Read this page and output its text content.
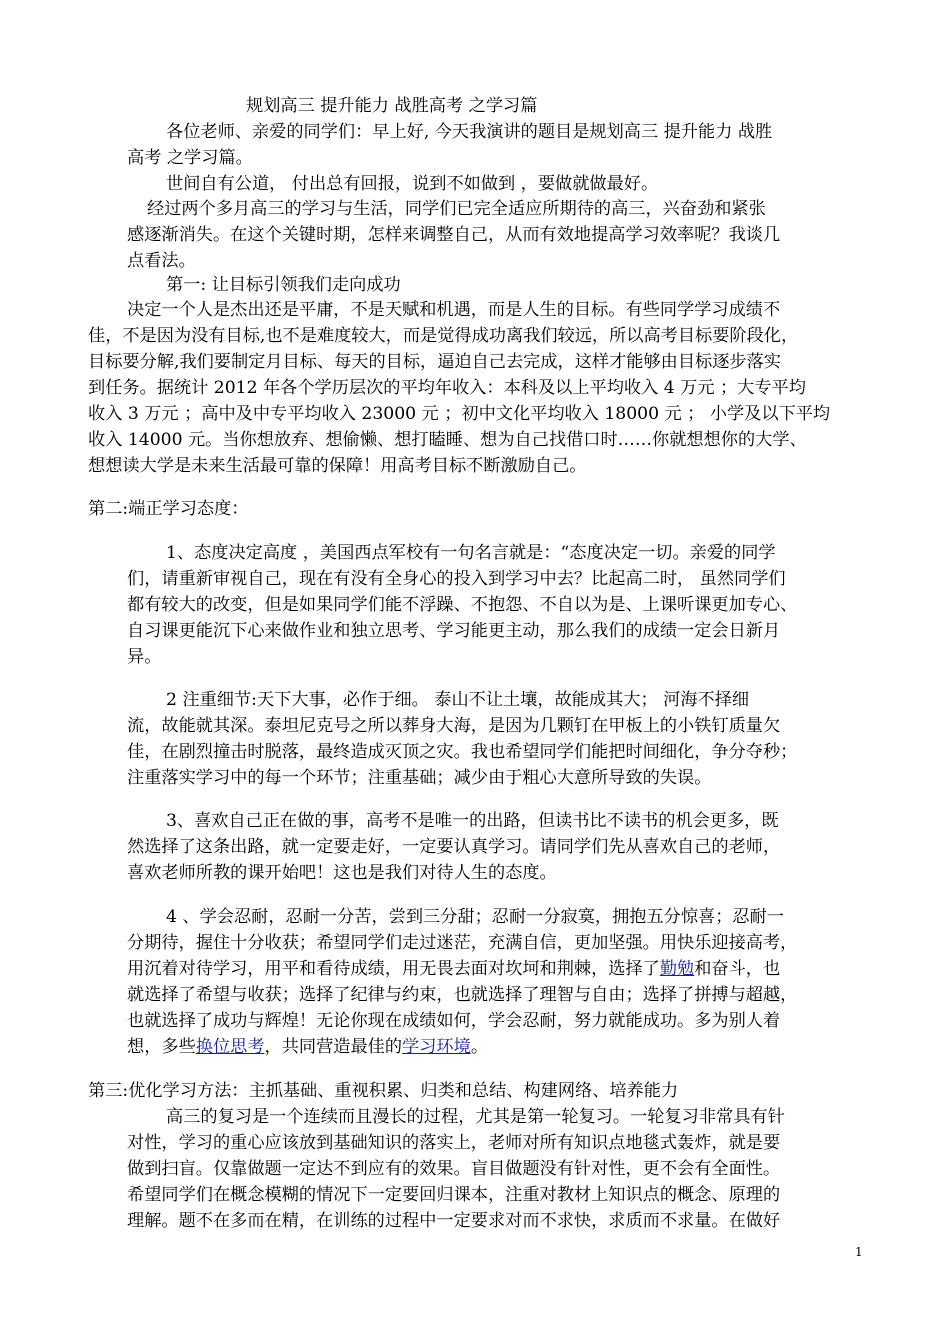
规划高三 提升能力 战胜高考 之学习篇
各位老师、亲爱的同学们：早上好, 今天我演讲的题目是规划高三 提升能力 战胜
高考 之学习篇。
世间自有公道， 付出总有回报，说到不如做到 ，要做就做最好。
经过两个多月高三的学习与生活，同学们已完全适应所期待的高三，兴奋劲和紧张
感逐渐消失。在这个关键时期，怎样来调整自己，从而有效地提高学习效率呢？我谈几
点看法。
第一: 让目标引领我们走向成功
决定一个人是杰出还是平庸，不是天赋和机遇，而是人生的目标。有些同学学习成绩不
佳，不是因为没有目标,也不是难度较大，而是觉得成功离我们较远，所以高考目标要阶段化，
目标要分解,我们要制定月目标、每天的目标，逼迫自己去完成，这样才能够由目标逐步落实
到任务。据统计 2012 年各个学历层次的平均年收入：本科及以上平均收入 4 万元 ；大专平均
收入 3 万元 ；高中及中专平均收入 23000 元 ；初中文化平均收入 18000 元 ； 小学及以下平均
收入 14000 元。当你想放弃、想偷懒、想打瞌睡、想为自己找借口时……你就想想你的大学、
想想读大学是未来生活最可靠的保障！用高考目标不断激励自己。
第二:端正学习态度：
1、态度决定高度 ，美国西点军校有一句名言就是：“态度决定一切。亲爱的同学
们，请重新审视自己，现在有没有全身心的投入到学习中去？比起高二时， 虽然同学们
都有较大的改变，但是如果同学们能不浮躁、不抱怨、不自以为是、上课听课更加专心、
自习课更能沉下心来做作业和独立思考、学习能更主动，那么我们的成绩一定会日新月
异。
2 注重细节:天下大事，必作于细。 泰山不让土壤，故能成其大； 河海不择细
流，故能就其深。泰坦尼克号之所以葬身大海，是因为几颗钉在甲板上的小铁钉质量欠
佳，在剧烈撞击时脱落，最终造成灭顶之灾。我也希望同学们能把时间细化，争分夺秒；
注重落实学习中的每一个环节；注重基础；减少由于粗心大意所导致的失误。
3、喜欢自己正在做的事，高考不是唯一的出路，但读书比不读书的机会更多，既
然选择了这条出路，就一定要走好，一定要认真学习。请同学们先从喜欢自己的老师，
喜欢老师所教的课开始吧！这也是我们对待人生的态度。
4 、学会忍耐，忍耐一分苦，尝到三分甜；忍耐一分寂寞，拥抱五分惊喜；忍耐一
分期待，握住十分收获；希望同学们走过迷茫，充满自信，更加坚强。用快乐迎接高考，
用沉着对待学习，用平和看待成绩，用无畏去面对坎坷和荆棘，选择了勤勉和奋斗，也
就选择了希望与收获；选择了纪律与约束，也就选择了理智与自由；选择了拼搏与超越，
也就选择了成功与辉煌！无论你现在成绩如何，学会忍耐，努力就能成功。多为别人着
想，多些换位思考，共同营造最佳的学习环境。
第三:优化学习方法：主抓基础、重视积累、归类和总结、构建网络、培养能力
高三的复习是一个连续而且漫长的过程，尤其是第一轮复习。一轮复习非常具有针
对性，学习的重心应该放到基础知识的落实上，老师对所有知识点地毯式轰炸，就是要
做到扫盲。仅靠做题一定达不到应有的效果。盲目做题没有针对性，更不会有全面性。
希望同学们在概念模糊的情况下一定要回归课本，注重对教材上知识点的概念、原理的
理解。题不在多而在精，在训练的过程中一定要求对而不求快，求质而不求量。在做好
1
